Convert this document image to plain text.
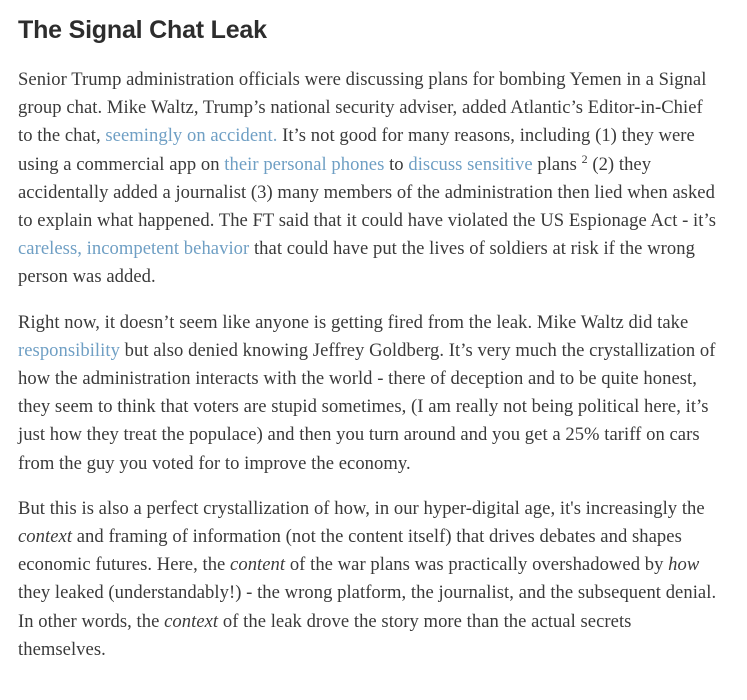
The Signal Chat Leak

Senior Trump administration officials were discussing plans for bombing Yemen in a Signal group chat. Mike Waltz, Trump’s national security adviser, added Atlantic’s Editor-in-Chief to the chat, seemingly on accident. It’s not good for many reasons, including (1) they were using a commercial app on their personal phones to discuss sensitive plans $^2$ (2) they accidentally added a journalist (3) many members of the administration then lied when asked to explain what happened. The FT said that it could have violated the US Espionage Act - it’s careless, incompetent behavior that could have put the lives of soldiers at risk if the wrong person was added.

Right now, it doesn’t seem like anyone is getting fired from the leak. Mike Waltz did take responsibility but also denied knowing Jeffrey Goldberg. It’s very much the crystallization of how the administration interacts with the world - there of deception and to be quite honest, they seem to think that voters are stupid sometimes, (I am really not being political here, it’s just how they treat the populace) and then you turn around and you get a 25% tariff on cars from the guy you voted for to improve the economy.

But this is also a perfect crystallization of how, in our hyper-digital age, it's increasingly the context and framing of information (not the content itself) that drives debates and shapes economic futures. Here, the content of the war plans was practically overshadowed by how they leaked (understandably!) - the wrong platform, the journalist, and the subsequent denial. In other words, the context of the leak drove the story more than the actual secrets themselves.
